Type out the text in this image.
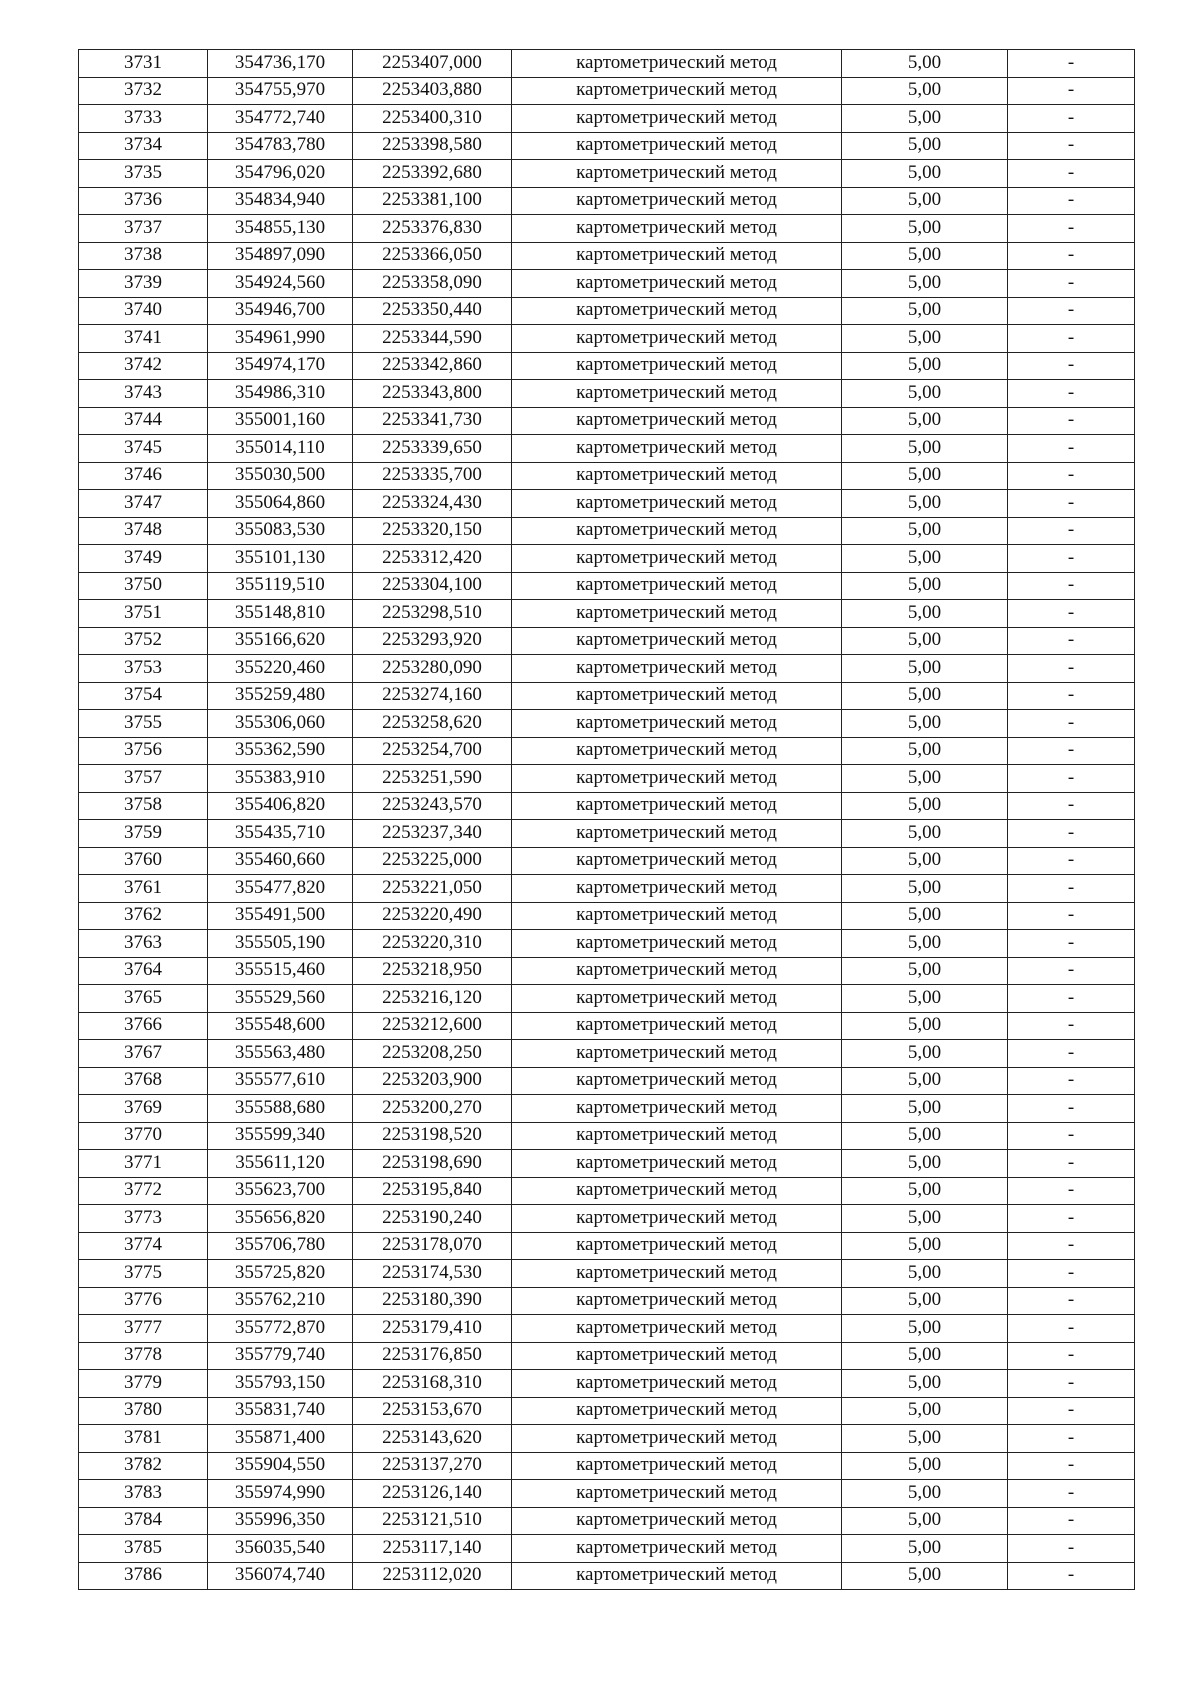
3731	354736,170	2253407,000	картометрический метод	5,00	-
3732	354755,970	2253403,880	картометрический метод	5,00	-
3733	354772,740	2253400,310	картометрический метод	5,00	-
3734	354783,780	2253398,580	картометрический метод	5,00	-
3735	354796,020	2253392,680	картометрический метод	5,00	-
3736	354834,940	2253381,100	картометрический метод	5,00	-
3737	354855,130	2253376,830	картометрический метод	5,00	-
3738	354897,090	2253366,050	картометрический метод	5,00	-
3739	354924,560	2253358,090	картометрический метод	5,00	-
3740	354946,700	2253350,440	картометрический метод	5,00	-
3741	354961,990	2253344,590	картометрический метод	5,00	-
3742	354974,170	2253342,860	картометрический метод	5,00	-
3743	354986,310	2253343,800	картометрический метод	5,00	-
3744	355001,160	2253341,730	картометрический метод	5,00	-
3745	355014,110	2253339,650	картометрический метод	5,00	-
3746	355030,500	2253335,700	картометрический метод	5,00	-
3747	355064,860	2253324,430	картометрический метод	5,00	-
3748	355083,530	2253320,150	картометрический метод	5,00	-
3749	355101,130	2253312,420	картометрический метод	5,00	-
3750	355119,510	2253304,100	картометрический метод	5,00	-
3751	355148,810	2253298,510	картометрический метод	5,00	-
3752	355166,620	2253293,920	картометрический метод	5,00	-
3753	355220,460	2253280,090	картометрический метод	5,00	-
3754	355259,480	2253274,160	картометрический метод	5,00	-
3755	355306,060	2253258,620	картометрический метод	5,00	-
3756	355362,590	2253254,700	картометрический метод	5,00	-
3757	355383,910	2253251,590	картометрический метод	5,00	-
3758	355406,820	2253243,570	картометрический метод	5,00	-
3759	355435,710	2253237,340	картометрический метод	5,00	-
3760	355460,660	2253225,000	картометрический метод	5,00	-
3761	355477,820	2253221,050	картометрический метод	5,00	-
3762	355491,500	2253220,490	картометрический метод	5,00	-
3763	355505,190	2253220,310	картометрический метод	5,00	-
3764	355515,460	2253218,950	картометрический метод	5,00	-
3765	355529,560	2253216,120	картометрический метод	5,00	-
3766	355548,600	2253212,600	картометрический метод	5,00	-
3767	355563,480	2253208,250	картометрический метод	5,00	-
3768	355577,610	2253203,900	картометрический метод	5,00	-
3769	355588,680	2253200,270	картометрический метод	5,00	-
3770	355599,340	2253198,520	картометрический метод	5,00	-
3771	355611,120	2253198,690	картометрический метод	5,00	-
3772	355623,700	2253195,840	картометрический метод	5,00	-
3773	355656,820	2253190,240	картометрический метод	5,00	-
3774	355706,780	2253178,070	картометрический метод	5,00	-
3775	355725,820	2253174,530	картометрический метод	5,00	-
3776	355762,210	2253180,390	картометрический метод	5,00	-
3777	355772,870	2253179,410	картометрический метод	5,00	-
3778	355779,740	2253176,850	картометрический метод	5,00	-
3779	355793,150	2253168,310	картометрический метод	5,00	-
3780	355831,740	2253153,670	картометрический метод	5,00	-
3781	355871,400	2253143,620	картометрический метод	5,00	-
3782	355904,550	2253137,270	картометрический метод	5,00	-
3783	355974,990	2253126,140	картометрический метод	5,00	-
3784	355996,350	2253121,510	картометрический метод	5,00	-
3785	356035,540	2253117,140	картометрический метод	5,00	-
3786	356074,740	2253112,020	картометрический метод	5,00	-
